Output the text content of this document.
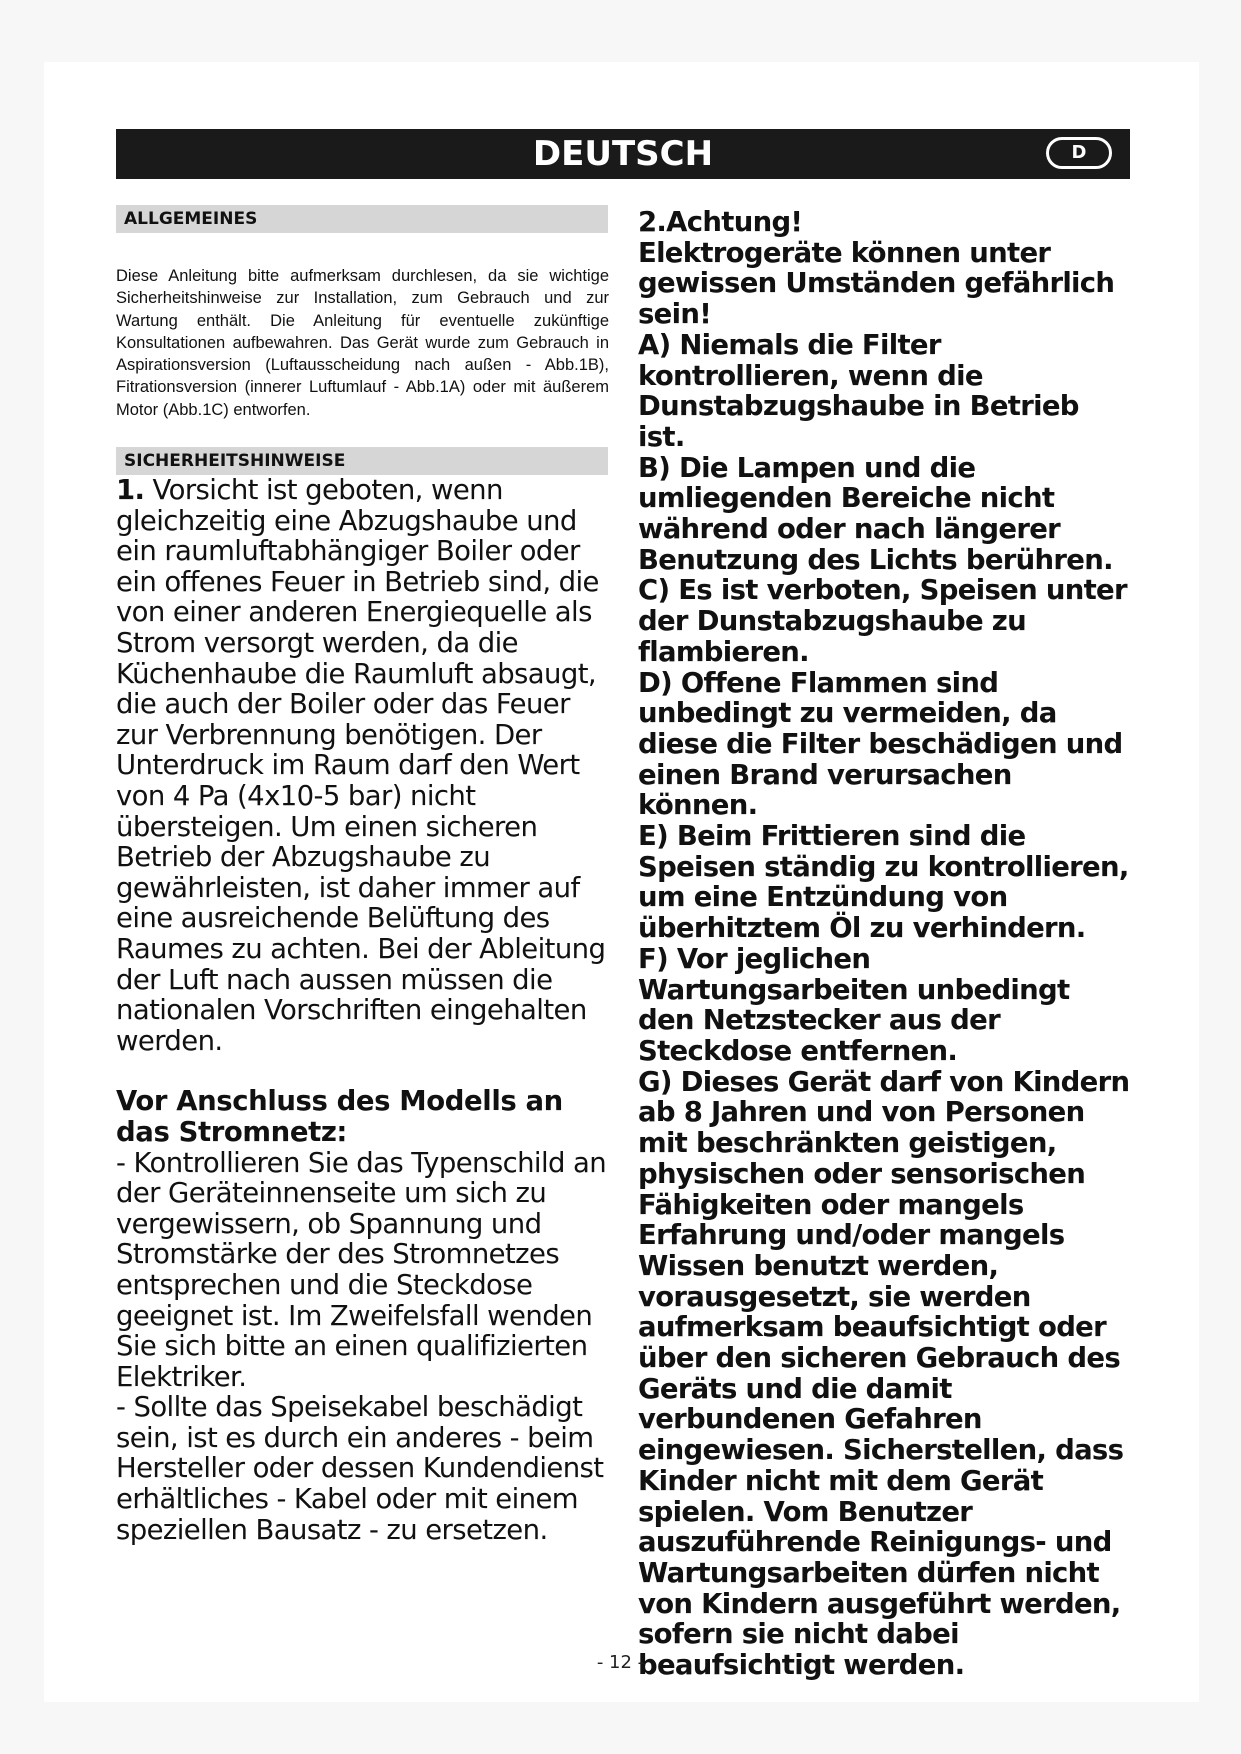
DEUTSCH	D
ALLGEMEINES

Diese Anleitung bitte aufmerksam durchlesen, da sie wichtige Sicherheitshinweise zur Installation, zum Gebrauch und zur Wartung enthält. Die Anleitung für eventuelle zukünftige Konsultationen aufbewahren. Das Gerät wurde zum Gebrauch in Aspirationsversion (Luftausscheidung nach außen - Abb.1B), Fitrationsversion (innerer Luftumlauf - Abb.1A) oder mit äußerem Motor (Abb.1C) entworfen.

SICHERHEITSHINWEISE

1. Vorsicht ist geboten, wenn gleichzeitig eine Abzugshaube und ein raumluftabhängiger Boiler oder ein offenes Feuer in Betrieb sind, die von einer anderen Energiequelle als Strom versorgt werden, da die Küchenhaube die Raumluft absaugt, die auch der Boiler oder das Feuer zur Verbrennung benötigen. Der Unterdruck im Raum darf den Wert von 4 Pa (4x10-5 bar) nicht übersteigen. Um einen sicheren Betrieb der Abzugshaube zu gewährleisten, ist daher immer auf eine ausreichende Belüftung des Raumes zu achten. Bei der Ableitung der Luft nach aussen müssen die nationalen Vorschriften eingehalten werden.

Vor Anschluss des Modells an das Stromnetz:

- Kontrollieren Sie das Typenschild an der Geräteinnenseite um sich zu vergewissern, ob Spannung und Stromstärke der des Stromnetzes entsprechen und die Steckdose geeignet ist. Im Zweifelsfall wenden Sie sich bitte an einen qualifizierten Elektriker.

- Sollte das Speisekabel beschädigt sein, ist es durch ein anderes - beim Hersteller oder dessen Kundendienst erhältliches - Kabel oder mit einem speziellen Bausatz - zu ersetzen.

2.Achtung!

Elektrogeräte können unter gewissen Umständen gefährlich sein!

A) Niemals die Filter kontrollieren, wenn die Dunstabzugshaube in Betrieb ist.

B) Die Lampen und die umliegenden Bereiche nicht während oder nach längerer Benutzung des Lichts berühren.

C) Es ist verboten, Speisen unter der Dunstabzugshaube zu flambieren.

D) Offene Flammen sind unbedingt zu vermeiden, da diese die Filter beschädigen und einen Brand verursachen können.

E) Beim Frittieren sind die Speisen ständig zu kontrollieren, um eine Entzündung von überhitztem Öl zu verhindern.

F) Vor jeglichen Wartungsarbeiten unbedingt den Netzstecker aus der Steckdose entfernen.

G) Dieses Gerät darf von Kindern ab 8 Jahren und von Personen mit beschränkten geistigen, physischen oder sensorischen Fähigkeiten oder mangels Erfahrung und/oder mangels Wissen benutzt werden, vorausgesetzt, sie werden aufmerksam beaufsichtigt oder über den sicheren Gebrauch des Geräts und die damit verbundenen Gefahren eingewiesen. Sicherstellen, dass Kinder nicht mit dem Gerät spielen. Vom Benutzer auszuführende Reinigungs- und Wartungsarbeiten dürfen nicht von Kindern ausgeführt werden, sofern sie nicht dabei beaufsichtigt werden.

- 12 -
